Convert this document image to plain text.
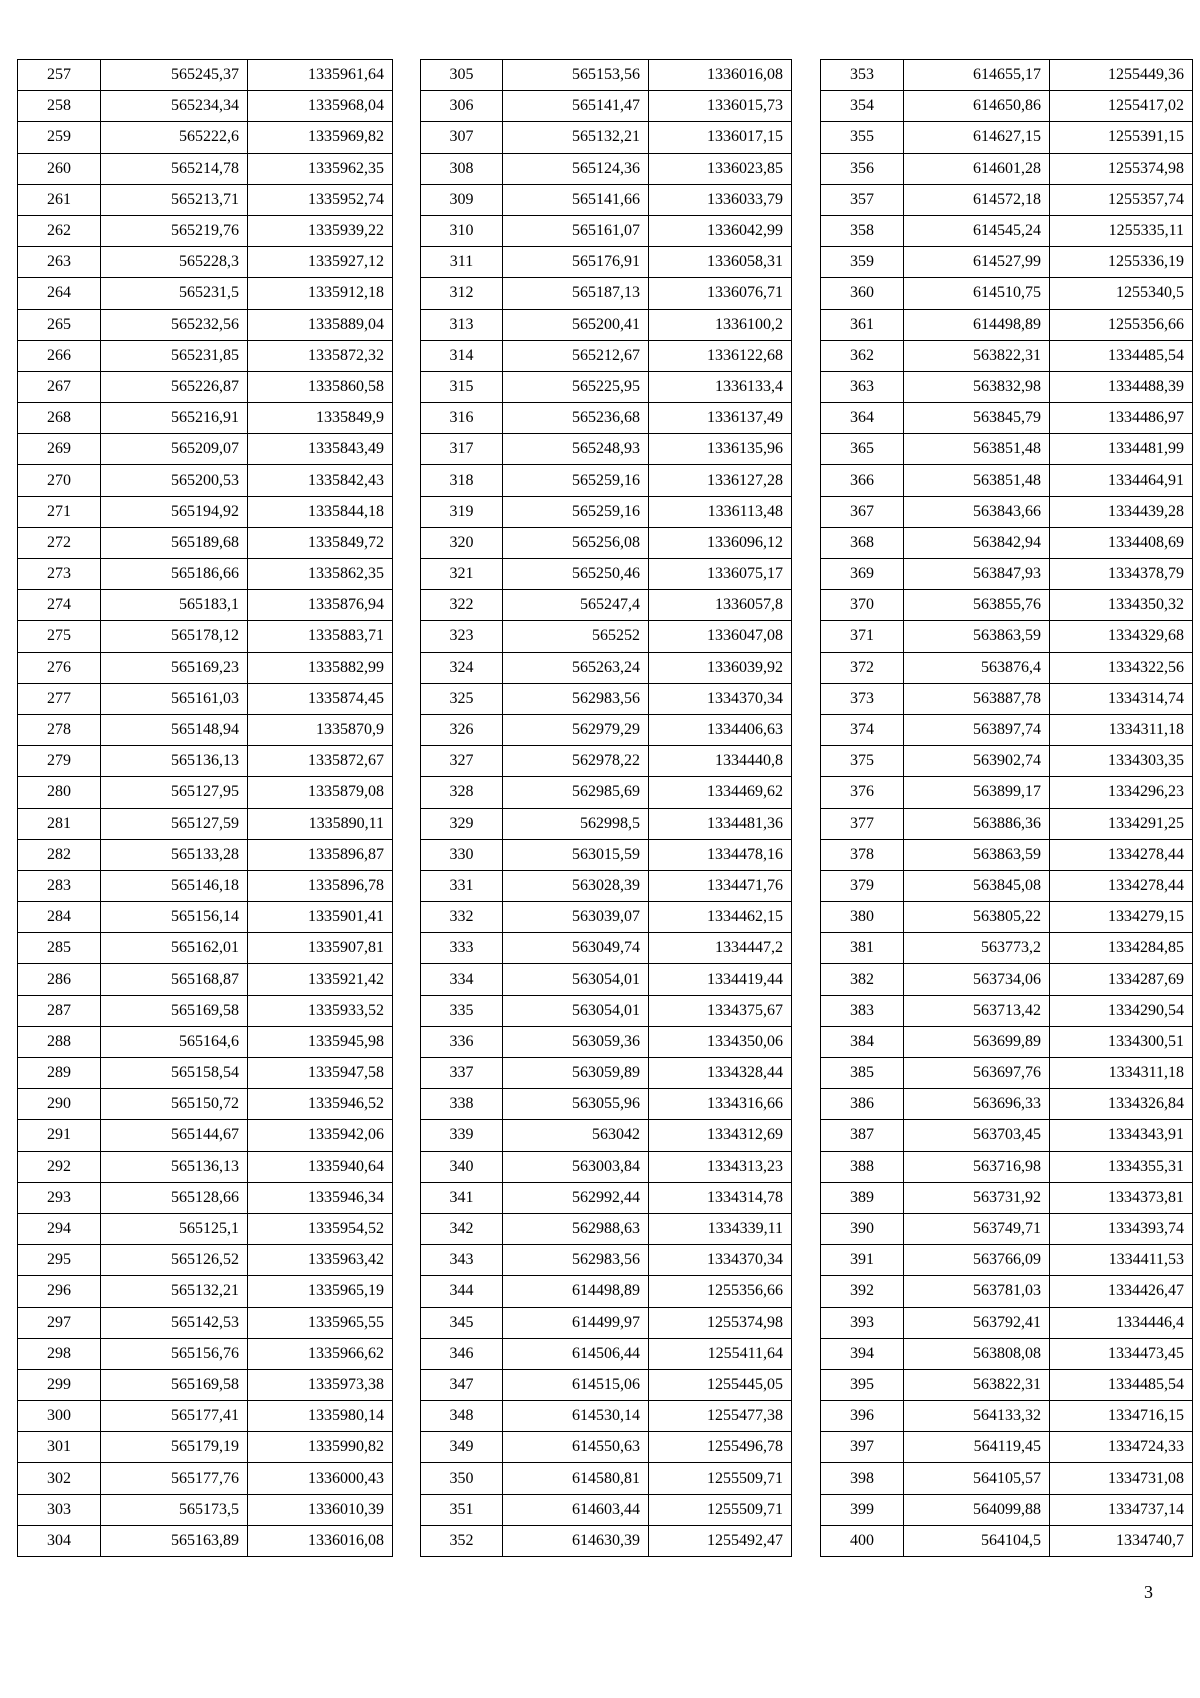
257	565245,37	1335961,64
258	565234,34	1335968,04
259	565222,6	1335969,82
260	565214,78	1335962,35
261	565213,71	1335952,74
262	565219,76	1335939,22
263	565228,3	1335927,12
264	565231,5	1335912,18
265	565232,56	1335889,04
266	565231,85	1335872,32
267	565226,87	1335860,58
268	565216,91	1335849,9
269	565209,07	1335843,49
270	565200,53	1335842,43
271	565194,92	1335844,18
272	565189,68	1335849,72
273	565186,66	1335862,35
274	565183,1	1335876,94
275	565178,12	1335883,71
276	565169,23	1335882,99
277	565161,03	1335874,45
278	565148,94	1335870,9
279	565136,13	1335872,67
280	565127,95	1335879,08
281	565127,59	1335890,11
282	565133,28	1335896,87
283	565146,18	1335896,78
284	565156,14	1335901,41
285	565162,01	1335907,81
286	565168,87	1335921,42
287	565169,58	1335933,52
288	565164,6	1335945,98
289	565158,54	1335947,58
290	565150,72	1335946,52
291	565144,67	1335942,06
292	565136,13	1335940,64
293	565128,66	1335946,34
294	565125,1	1335954,52
295	565126,52	1335963,42
296	565132,21	1335965,19
297	565142,53	1335965,55
298	565156,76	1335966,62
299	565169,58	1335973,38
300	565177,41	1335980,14
301	565179,19	1335990,82
302	565177,76	1336000,43
303	565173,5	1336010,39
304	565163,89	1336016,08
305	565153,56	1336016,08
306	565141,47	1336015,73
307	565132,21	1336017,15
308	565124,36	1336023,85
309	565141,66	1336033,79
310	565161,07	1336042,99
311	565176,91	1336058,31
312	565187,13	1336076,71
313	565200,41	1336100,2
314	565212,67	1336122,68
315	565225,95	1336133,4
316	565236,68	1336137,49
317	565248,93	1336135,96
318	565259,16	1336127,28
319	565259,16	1336113,48
320	565256,08	1336096,12
321	565250,46	1336075,17
322	565247,4	1336057,8
323	565252	1336047,08
324	565263,24	1336039,92
325	562983,56	1334370,34
326	562979,29	1334406,63
327	562978,22	1334440,8
328	562985,69	1334469,62
329	562998,5	1334481,36
330	563015,59	1334478,16
331	563028,39	1334471,76
332	563039,07	1334462,15
333	563049,74	1334447,2
334	563054,01	1334419,44
335	563054,01	1334375,67
336	563059,36	1334350,06
337	563059,89	1334328,44
338	563055,96	1334316,66
339	563042	1334312,69
340	563003,84	1334313,23
341	562992,44	1334314,78
342	562988,63	1334339,11
343	562983,56	1334370,34
344	614498,89	1255356,66
345	614499,97	1255374,98
346	614506,44	1255411,64
347	614515,06	1255445,05
348	614530,14	1255477,38
349	614550,63	1255496,78
350	614580,81	1255509,71
351	614603,44	1255509,71
352	614630,39	1255492,47
353	614655,17	1255449,36
354	614650,86	1255417,02
355	614627,15	1255391,15
356	614601,28	1255374,98
357	614572,18	1255357,74
358	614545,24	1255335,11
359	614527,99	1255336,19
360	614510,75	1255340,5
361	614498,89	1255356,66
362	563822,31	1334485,54
363	563832,98	1334488,39
364	563845,79	1334486,97
365	563851,48	1334481,99
366	563851,48	1334464,91
367	563843,66	1334439,28
368	563842,94	1334408,69
369	563847,93	1334378,79
370	563855,76	1334350,32
371	563863,59	1334329,68
372	563876,4	1334322,56
373	563887,78	1334314,74
374	563897,74	1334311,18
375	563902,74	1334303,35
376	563899,17	1334296,23
377	563886,36	1334291,25
378	563863,59	1334278,44
379	563845,08	1334278,44
380	563805,22	1334279,15
381	563773,2	1334284,85
382	563734,06	1334287,69
383	563713,42	1334290,54
384	563699,89	1334300,51
385	563697,76	1334311,18
386	563696,33	1334326,84
387	563703,45	1334343,91
388	563716,98	1334355,31
389	563731,92	1334373,81
390	563749,71	1334393,74
391	563766,09	1334411,53
392	563781,03	1334426,47
393	563792,41	1334446,4
394	563808,08	1334473,45
395	563822,31	1334485,54
396	564133,32	1334716,15
397	564119,45	1334724,33
398	564105,57	1334731,08
399	564099,88	1334737,14
400	564104,5	1334740,7
3
